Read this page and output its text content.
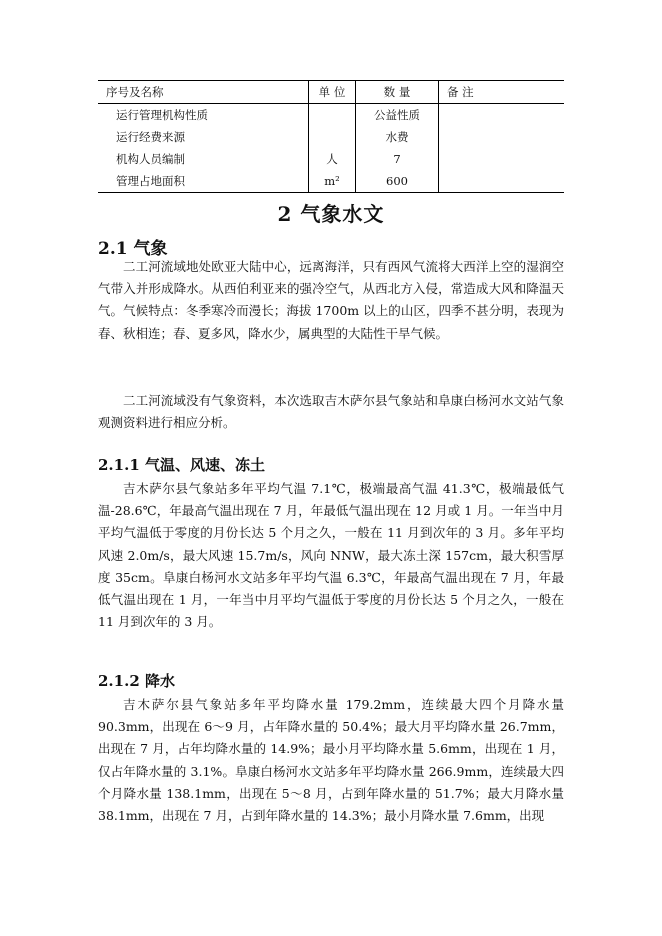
序号及名称	单 位	数 量	备 注
运行管理机构性质		公益性质	
运行经费来源		水费	
机构人员编制	人	7	
管理占地面积	m²	600	
2 气象水文
2.1 气象

二工河流域地处欧亚大陆中心，远离海洋，只有西风气流将大西洋上空的湿润空气带入并形成降水。从西伯利亚来的强冷空气，从西北方入侵，常造成大风和降温天气。气候特点：冬季寒冷而漫长；海拔 1700m 以上的山区，四季不甚分明，表现为春、秋相连；春、夏多风，降水少，属典型的大陆性干旱气候。

二工河流域没有气象资料，本次选取吉木萨尔县气象站和阜康白杨河水文站气象观测资料进行相应分析。

2.1.1 气温、风速、冻土

吉木萨尔县气象站多年平均气温 7.1℃，极端最高气温 41.3℃，极端最低气温-28.6℃，年最高气温出现在 7 月，年最低气温出现在 12 月或 1 月。一年当中月平均气温低于零度的月份长达 5 个月之久，一般在 11 月到次年的 3 月。多年平均风速 2.0m/s，最大风速 15.7m/s，风向 NNW，最大冻土深 157cm，最大积雪厚度 35cm。阜康白杨河水文站多年平均气温 6.3℃，年最高气温出现在 7 月，年最低气温出现在 1 月，一年当中月平均气温低于零度的月份长达 5 个月之久，一般在 11 月到次年的 3 月。

2.1.2 降水

吉木萨尔县气象站多年平均降水量 179.2mm，连续最大四个月降水量 90.3mm，出现在 6～9 月，占年降水量的 50.4%；最大月平均降水量 26.7mm，出现在 7 月，占年均降水量的 14.9%；最小月平均降水量 5.6mm，出现在 1 月，仅占年降水量的 3.1%。阜康白杨河水文站多年平均降水量 266.9mm，连续最大四个月降水量 138.1mm，出现在 5～8 月，占到年降水量的 51.7%；最大月降水量 38.1mm，出现在 7 月，占到年降水量的 14.3%；最小月降水量 7.6mm，出现
